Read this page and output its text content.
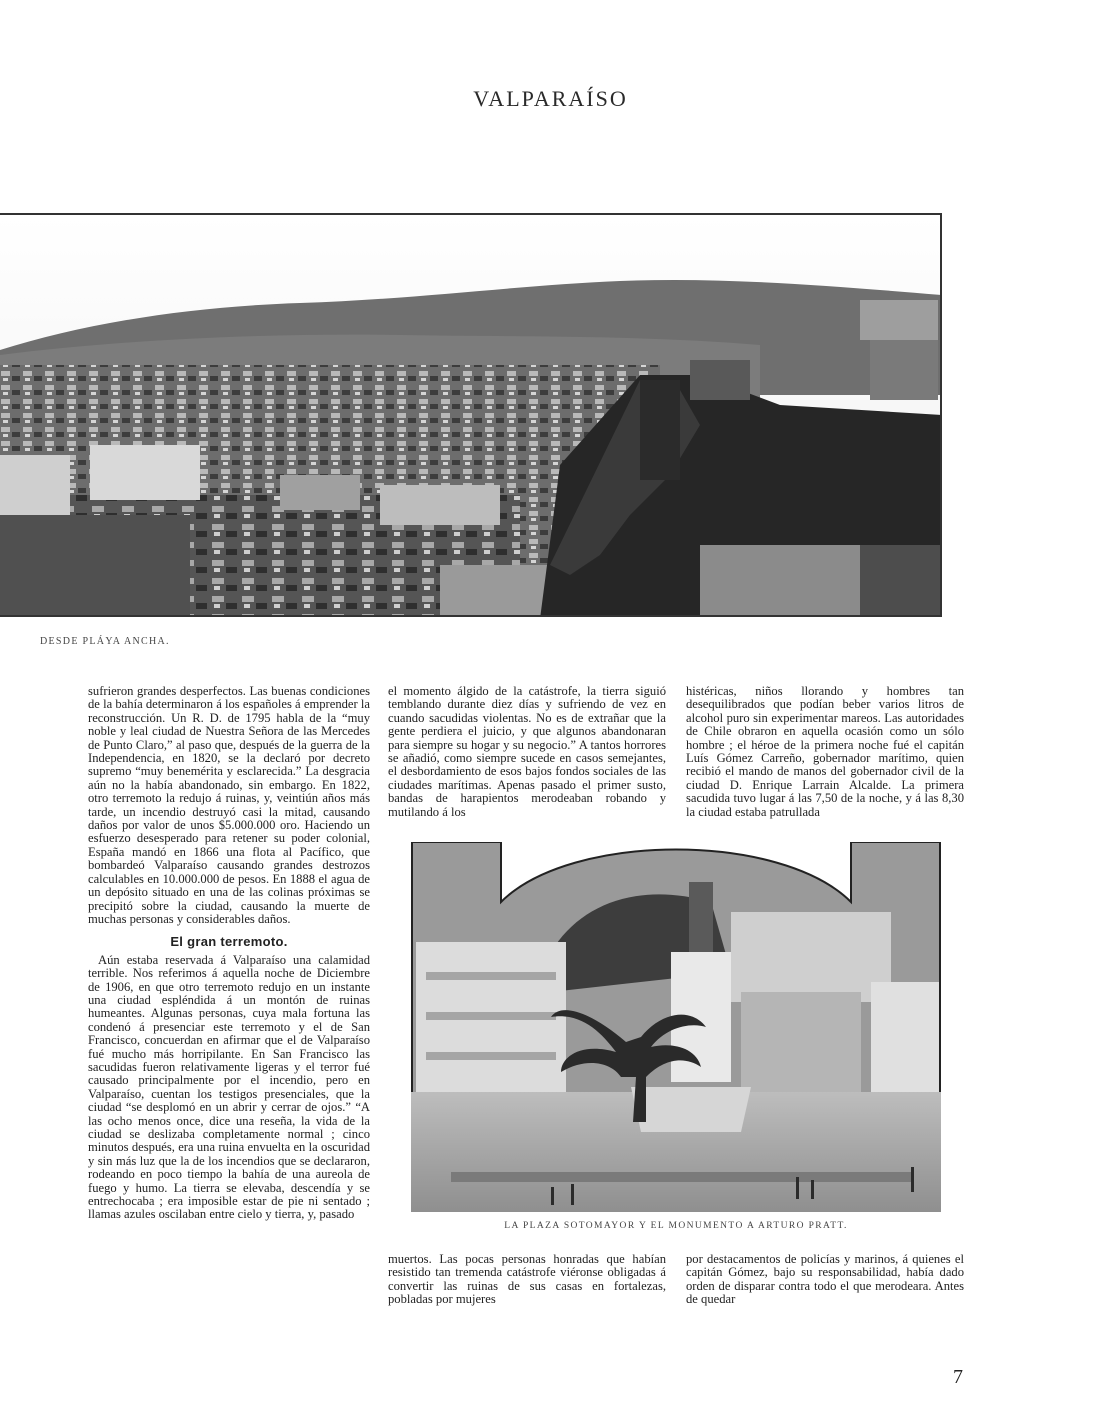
VALPARAÍSO
DESDE PLÁYA ANCHA.

sufrieron grandes desperfectos. Las buenas condiciones de la bahía determinaron á los españoles á emprender la reconstrucción. Un R. D. de 1795 habla de la “muy noble y leal ciudad de Nuestra Señora de las Mercedes de Punto Claro,” al paso que, después de la guerra de la Independencia, en 1820, se la declaró por decreto supremo “muy benemérita y esclarecida.” La desgracia aún no la había abandonado, sin embargo. En 1822, otro terremoto la redujo á ruinas, y, veintiún años más tarde, un incendio destruyó casi la mitad, causando daños por valor de unos $5.000.000 oro. Haciendo un esfuerzo desesperado para retener su poder colonial, España mandó en 1866 una flota al Pacífico, que bombardeó Valparaíso causando grandes destrozos calculables en 10.000.000 de pesos. En 1888 el agua de un depósito situado en una de las colinas próximas se precipitó sobre la ciudad, causando la muerte de muchas personas y considerables daños.

El gran terremoto.

Aún estaba reservada á Valparaíso una calamidad terrible. Nos referimos á aquella noche de Diciembre de 1906, en que otro terremoto redujo en un instante una ciudad espléndida á un montón de ruinas humeantes. Algunas personas, cuya mala fortuna las condenó á presenciar este terremoto y el de San Francisco, concuerdan en afirmar que el de Valparaíso fué mucho más horripilante. En San Francisco las sacudidas fueron relativamente ligeras y el terror fué causado principalmente por el incendio, pero en Valparaíso, cuentan los testigos presenciales, que la ciudad “se desplomó en un abrir y cerrar de ojos.” “A las ocho menos once, dice una reseña, la vida de la ciudad se deslizaba completamente normal ; cinco minutos después, era una ruina envuelta en la oscuridad y sin más luz que la de los incendios que se declararon, rodeando en poco tiempo la bahía de una aureola de fuego y humo. La tierra se elevaba, descendía y se entrechocaba ; era imposible estar de pie ni sentado ; llamas azules oscilaban entre cielo y tierra, y, pasado

el momento álgido de la catástrofe, la tierra siguió temblando durante diez días y sufriendo de vez en cuando sacudidas violentas. No es de extrañar que la gente perdiera el juicio, y que algunos abandonaran para siempre su hogar y su negocio.” A tantos horrores se añadió, como siempre sucede en casos semejantes, el desbordamiento de esos bajos fondos sociales de las ciudades marítimas. Apenas pasado el primer susto, bandas de harapientos merodeaban robando y mutilando á los

histéricas, niños llorando y hombres tan desequilibrados que podían beber varios litros de alcohol puro sin experimentar mareos. Las autoridades de Chile obraron en aquella ocasión como un sólo hombre ; el héroe de la primera noche fué el capitán Luís Gómez Carreño, gobernador marítimo, quien recibió el mando de manos del gobernador civil de la ciudad D. Enrique Larrain Alcalde. La primera sacudida tuvo lugar á las 7,50 de la noche, y á las 8,30 la ciudad estaba patrullada

LA PLAZA SOTOMAYOR Y EL MONUMENTO A ARTURO PRATT.

muertos. Las pocas personas honradas que habían resistido tan tremenda catástrofe viéronse obligadas á convertir las ruinas de sus casas en fortalezas, pobladas por mujeres

por destacamentos de policías y marinos, á quienes el capitán Gómez, bajo su responsabilidad, había dado orden de disparar contra todo el que merodeara. Antes de quedar

7
